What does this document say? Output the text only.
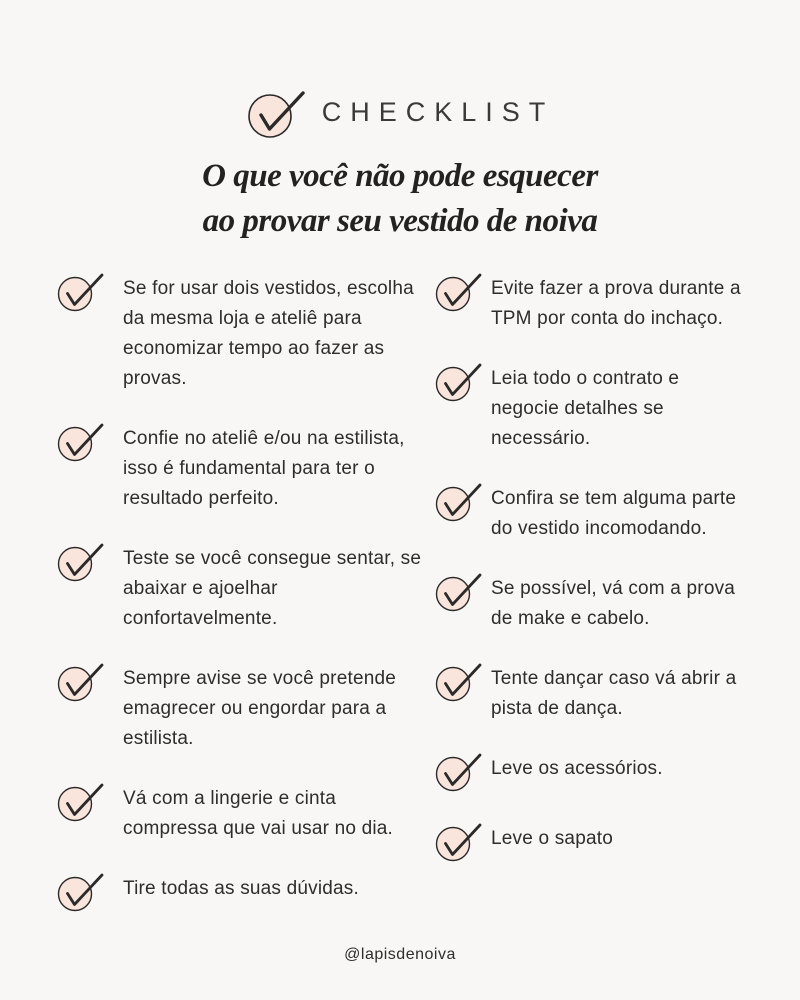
CHECKLIST
O que você não pode esquecer
ao provar seu vestido de noiva

Se for usar dois vestidos, escolha da mesma loja e ateliê para economizar tempo ao fazer as provas.

Confie no ateliê e/ou na estilista, isso é fundamental para ter o resultado perfeito.

Teste se você consegue sentar, se abaixar e ajoelhar confortavelmente.

Sempre avise se você pretende emagrecer ou engordar para a estilista.

Vá com a lingerie e cinta compressa que vai usar no dia.

Tire todas as suas dúvidas.

Evite fazer a prova durante a TPM por conta do inchaço.

Leia todo o contrato e negocie detalhes se necessário.

Confira se tem alguma parte do vestido incomodando.

Se possível, vá com a prova de make e cabelo.

Tente dançar caso vá abrir a pista de dança.

Leve os acessórios.

Leve o sapato

@lapisdenoiva
